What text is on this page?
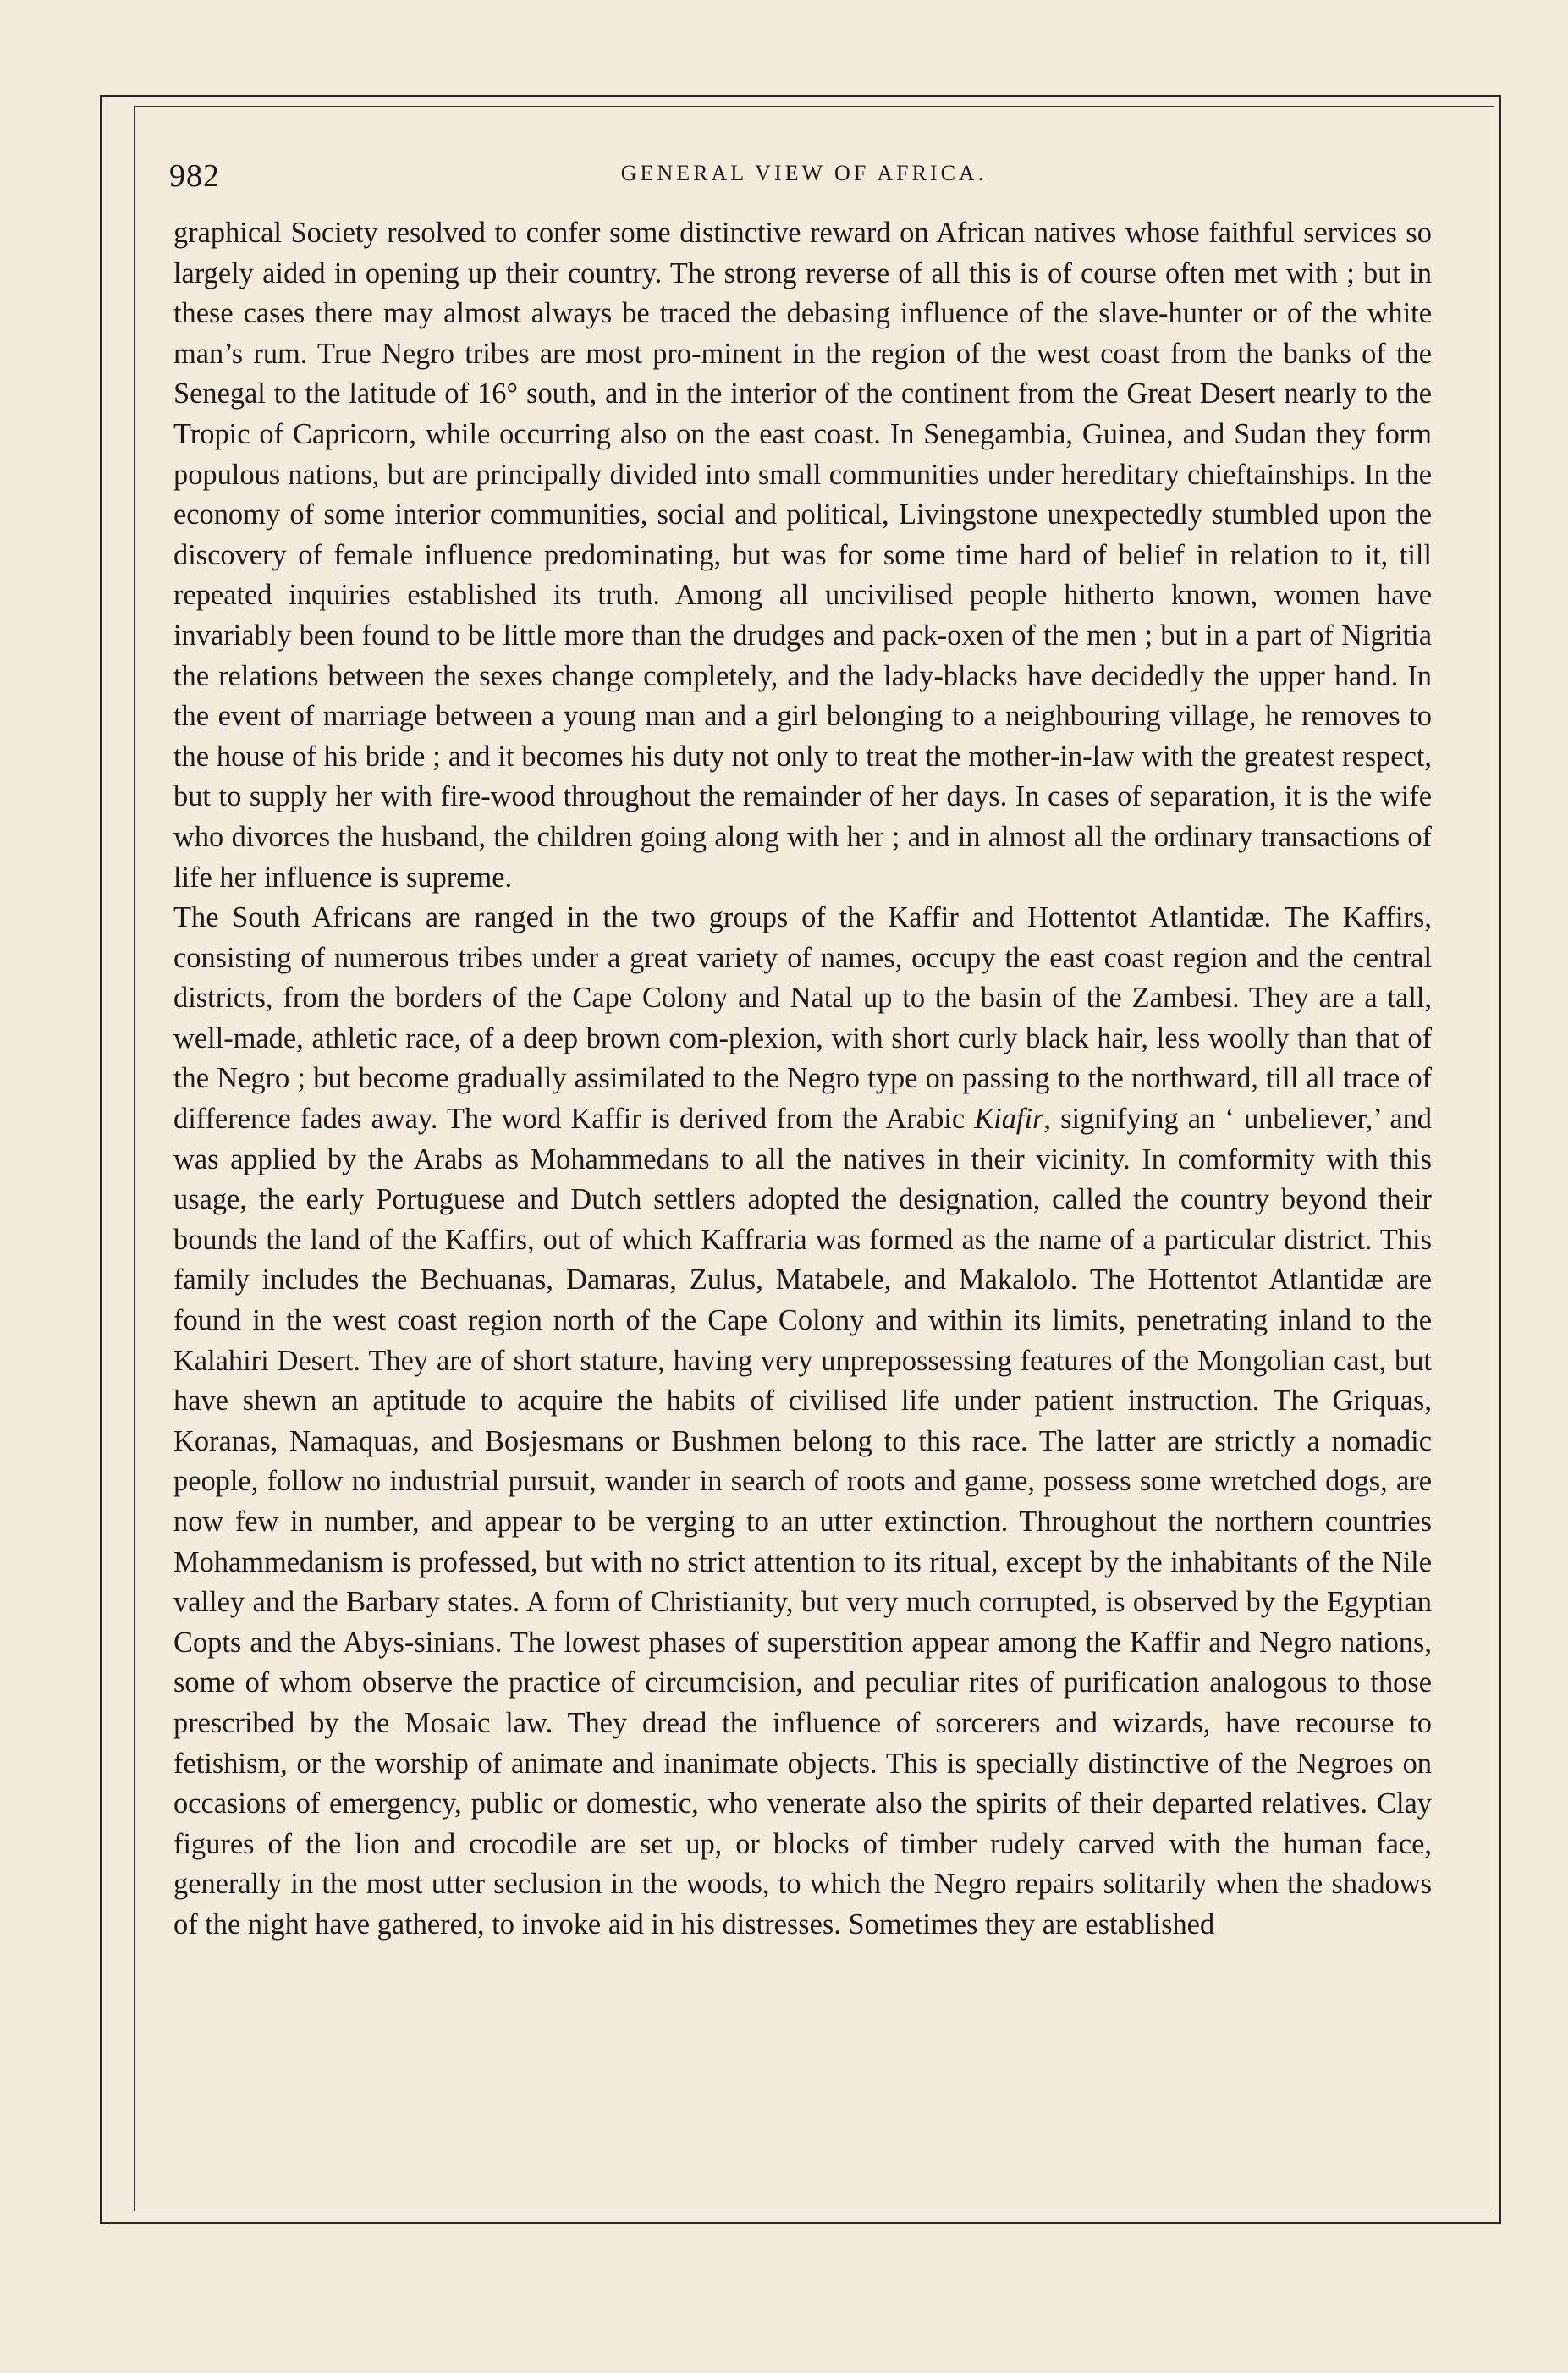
982	GENERAL VIEW OF AFRICA.

graphical Society resolved to confer some distinctive reward on African natives whose faithful services so largely aided in opening up their country. The strong reverse of all this is of course often met with ; but in these cases there may almost always be traced the debasing influence of the slave-hunter or of the white man’s rum. True Negro tribes are most pro-minent in the region of the west coast from the banks of the Senegal to the latitude of 16° south, and in the interior of the continent from the Great Desert nearly to the Tropic of Capricorn, while occurring also on the east coast. In Senegambia, Guinea, and Sudan they form populous nations, but are principally divided into small communities under hereditary chieftainships. In the economy of some interior communities, social and political, Livingstone unexpectedly stumbled upon the discovery of female influence predominating, but was for some time hard of belief in relation to it, till repeated inquiries established its truth. Among all uncivilised people hitherto known, women have invariably been found to be little more than the drudges and pack-oxen of the men ; but in a part of Nigritia the relations between the sexes change completely, and the lady-blacks have decidedly the upper hand. In the event of marriage between a young man and a girl belonging to a neighbouring village, he removes to the house of his bride ; and it becomes his duty not only to treat the mother-in-law with the greatest respect, but to supply her with fire-wood throughout the remainder of her days. In cases of separation, it is the wife who divorces the husband, the children going along with her ; and in almost all the ordinary transactions of life her influence is supreme.

The South Africans are ranged in the two groups of the Kaffir and Hottentot Atlantidæ. The Kaffirs, consisting of numerous tribes under a great variety of names, occupy the east coast region and the central districts, from the borders of the Cape Colony and Natal up to the basin of the Zambesi. They are a tall, well-made, athletic race, of a deep brown com-plexion, with short curly black hair, less woolly than that of the Negro ; but become gradually assimilated to the Negro type on passing to the northward, till all trace of difference fades away. The word Kaffir is derived from the Arabic Kiafir, signifying an ‘ unbeliever,’ and was applied by the Arabs as Mohammedans to all the natives in their vicinity. In comformity with this usage, the early Portuguese and Dutch settlers adopted the designation, called the country beyond their bounds the land of the Kaffirs, out of which Kaffraria was formed as the name of a particular district. This family includes the Bechuanas, Damaras, Zulus, Matabele, and Makalolo. The Hottentot Atlantidæ are found in the west coast region north of the Cape Colony and within its limits, penetrating inland to the Kalahiri Desert. They are of short stature, having very unprepossessing features of the Mongolian cast, but have shewn an aptitude to acquire the habits of civilised life under patient instruction. The Griquas, Koranas, Namaquas, and Bosjesmans or Bushmen belong to this race. The latter are strictly a nomadic people, follow no industrial pursuit, wander in search of roots and game, possess some wretched dogs, are now few in number, and appear to be verging to an utter extinction. Throughout the northern countries Mohammedanism is professed, but with no strict attention to its ritual, except by the inhabitants of the Nile valley and the Barbary states. A form of Christianity, but very much corrupted, is observed by the Egyptian Copts and the Abys-sinians. The lowest phases of superstition appear among the Kaffir and Negro nations, some of whom observe the practice of circumcision, and peculiar rites of purification analogous to those prescribed by the Mosaic law. They dread the influence of sorcerers and wizards, have recourse to fetishism, or the worship of animate and inanimate objects. This is specially distinctive of the Negroes on occasions of emergency, public or domestic, who venerate also the spirits of their departed relatives. Clay figures of the lion and crocodile are set up, or blocks of timber rudely carved with the human face, generally in the most utter seclusion in the woods, to which the Negro repairs solitarily when the shadows of the night have gathered, to invoke aid in his distresses. Sometimes they are established
